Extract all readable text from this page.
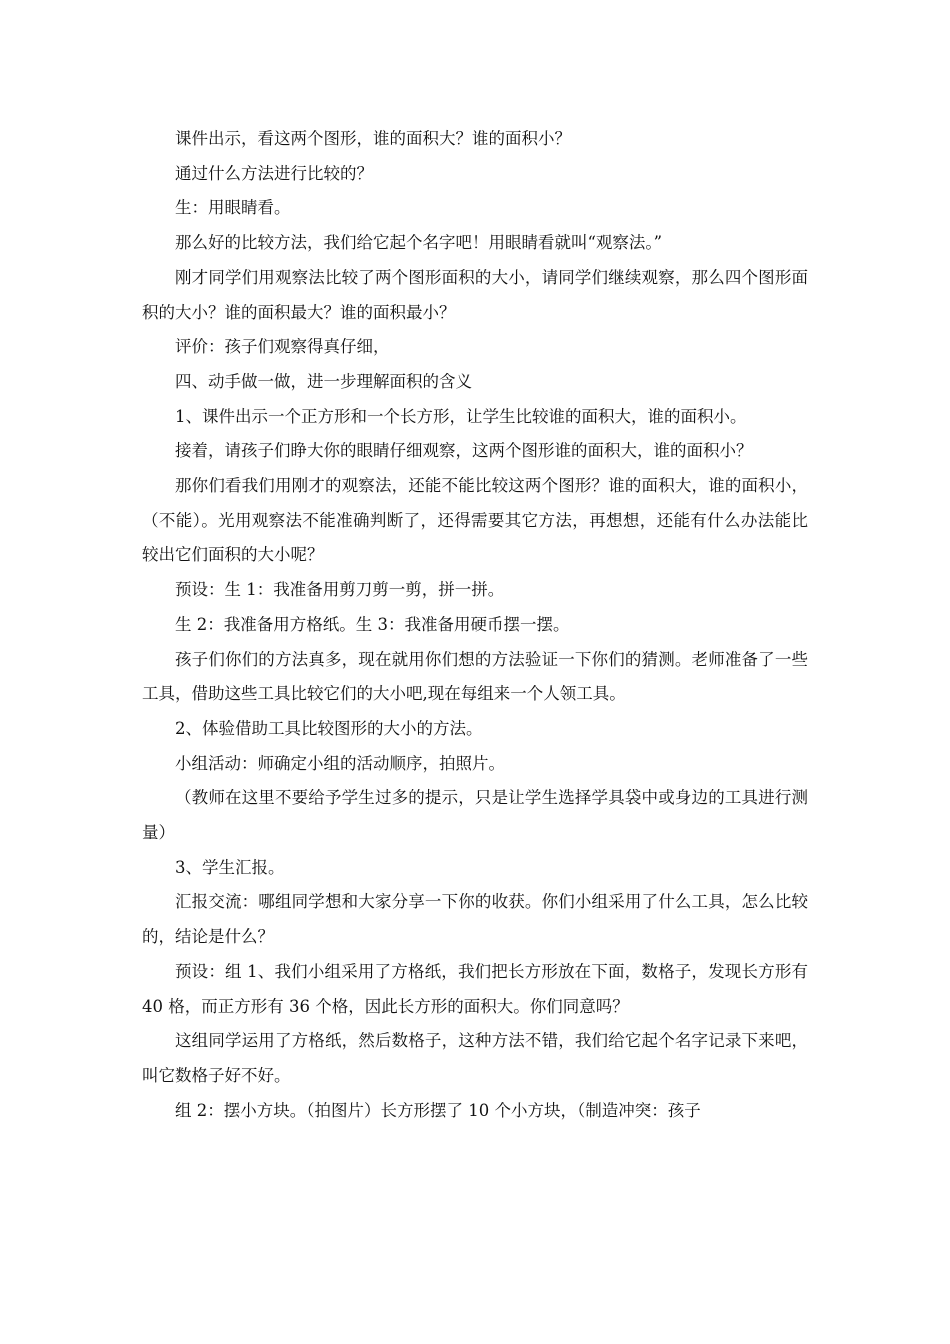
课件出示，看这两个图形，谁的面积大？谁的面积小？

通过什么方法进行比较的？

生：用眼睛看。

那么好的比较方法，我们给它起个名字吧！用眼睛看就叫“观察法。”

刚才同学们用观察法比较了两个图形面积的大小，请同学们继续观察，那么四个图形面积的大小？谁的面积最大？谁的面积最小？

评价：孩子们观察得真仔细，

四、动手做一做，进一步理解面积的含义

1、课件出示一个正方形和一个长方形，让学生比较谁的面积大，谁的面积小。

接着，请孩子们睁大你的眼睛仔细观察，这两个图形谁的面积大，谁的面积小？

那你们看我们用刚才的观察法，还能不能比较这两个图形？谁的面积大，谁的面积小，（不能）。光用观察法不能准确判断了，还得需要其它方法，再想想，还能有什么办法能比较出它们面积的大小呢？

预设：生 1：我准备用剪刀剪一剪，拼一拼。

生 2：我准备用方格纸。生 3：我准备用硬币摆一摆。

孩子们你们的方法真多，现在就用你们想的方法验证一下你们的猜测。老师准备了一些工具，借助这些工具比较它们的大小吧,现在每组来一个人领工具。

2、体验借助工具比较图形的大小的方法。

小组活动：师确定小组的活动顺序，拍照片。

（教师在这里不要给予学生过多的提示，只是让学生选择学具袋中或身边的工具进行测量）

3、学生汇报。

汇报交流：哪组同学想和大家分享一下你的收获。你们小组采用了什么工具，怎么比较的，结论是什么？

预设：组 1、我们小组采用了方格纸，我们把长方形放在下面，数格子，发现长方形有 40 格，而正方形有 36 个格，因此长方形的面积大。你们同意吗？

这组同学运用了方格纸，然后数格子，这种方法不错，我们给它起个名字记录下来吧，叫它数格子好不好。

组 2：摆小方块。（拍图片）长方形摆了 10 个小方块，（制造冲突：孩子
